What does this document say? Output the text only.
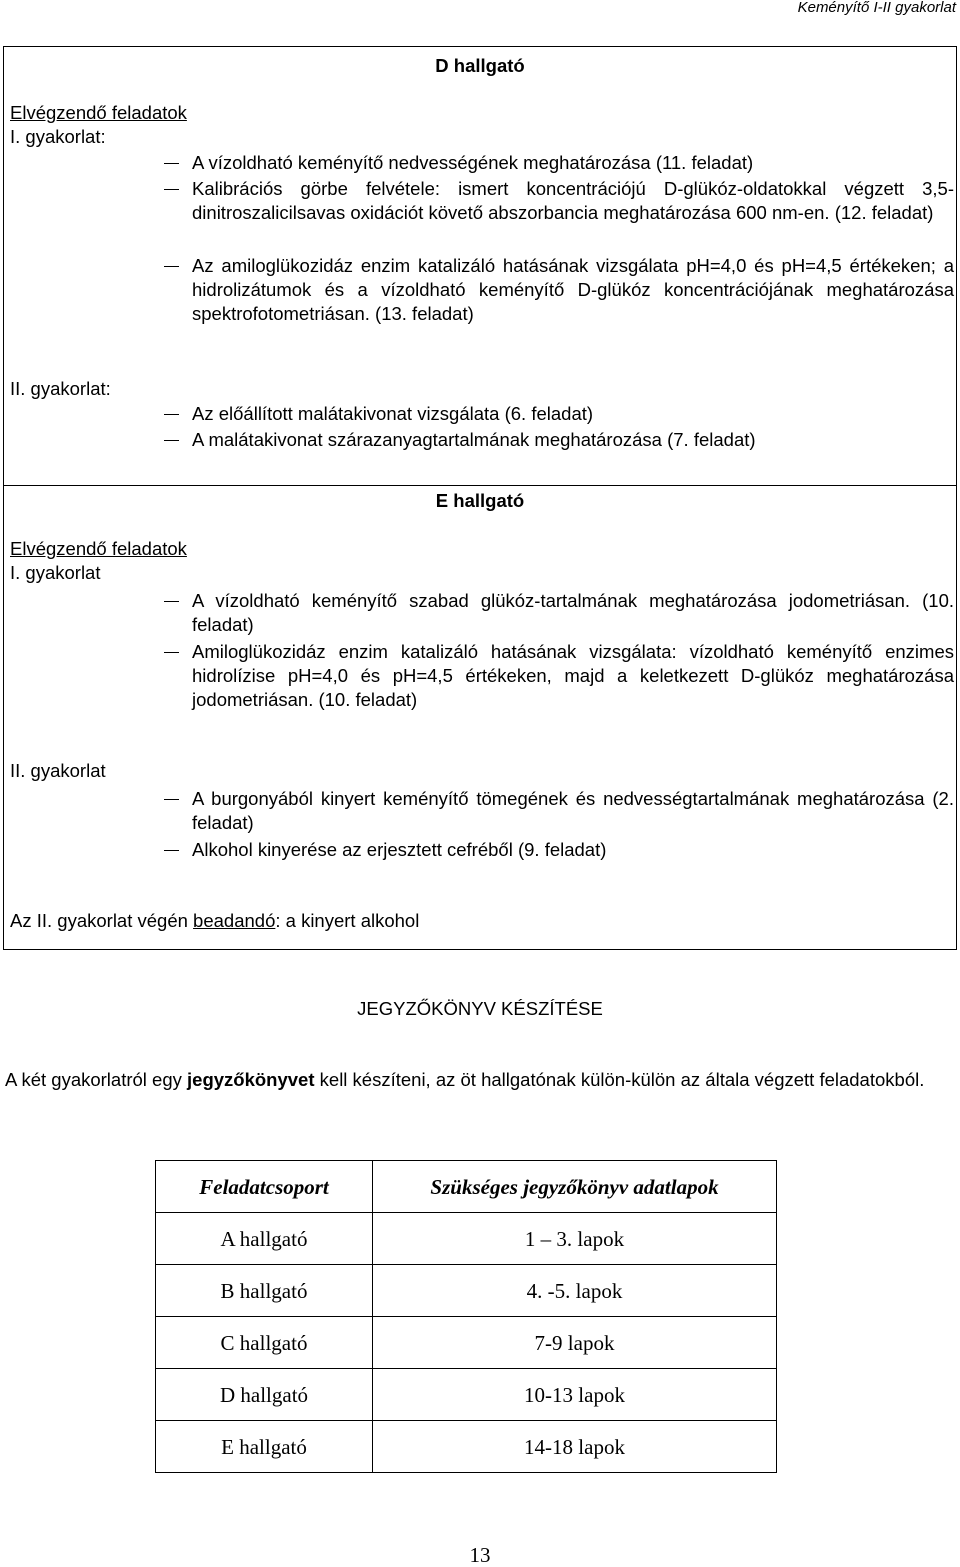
Keményítő I-II gyakorlat
D hallgató
Elvégzendő feladatok
I. gyakorlat:
A vízoldható keményítő nedvességének meghatározása (11. feladat)
Kalibrációs görbe felvétele: ismert koncentrációjú D-glükóz-oldatokkal végzett 3,5-dinitroszalicilsavas oxidációt követő abszorbancia meghatározása 600 nm-en. (12. feladat)
Az amiloglükozidáz enzim katalizáló hatásának vizsgálata pH=4,0 és pH=4,5 értékeken; a hidrolizátumok és a vízoldható keményítő D-glükóz koncentrációjának meghatározása spektrofotometriásan. (13. feladat)
II. gyakorlat:
Az előállított malátakivonat vizsgálata (6. feladat)
A malátakivonat szárazanyagtartalmának meghatározása (7. feladat)
E hallgató
Elvégzendő feladatok
I. gyakorlat
A vízoldható keményítő szabad glükóz-tartalmának meghatározása jodometriásan. (10. feladat)
Amiloglükozidáz enzim katalizáló hatásának vizsgálata: vízoldható keményítő enzimes hidrolízise pH=4,0 és pH=4,5 értékeken, majd a keletkezett D-glükóz meghatározása jodometriásan. (10. feladat)
II. gyakorlat
A burgonyából kinyert keményítő tömegének és nedvességtartalmának meghatározása (2. feladat)
Alkohol kinyerése az erjesztett cefréből (9. feladat)
Az II. gyakorlat végén beadandó: a kinyert alkohol
JEGYZŐKÖNYV KÉSZÍTÉSE
A két gyakorlatról egy jegyzőkönyvet kell készíteni, az öt hallgatónak külön-külön az általa végzett feladatokból.
Feladatcsoport	Szükséges jegyzőkönyv adatlapok
A hallgató	1 – 3. lapok
B hallgató	4. -5. lapok
C hallgató	7-9 lapok
D hallgató	10-13 lapok
E hallgató	14-18 lapok
13
